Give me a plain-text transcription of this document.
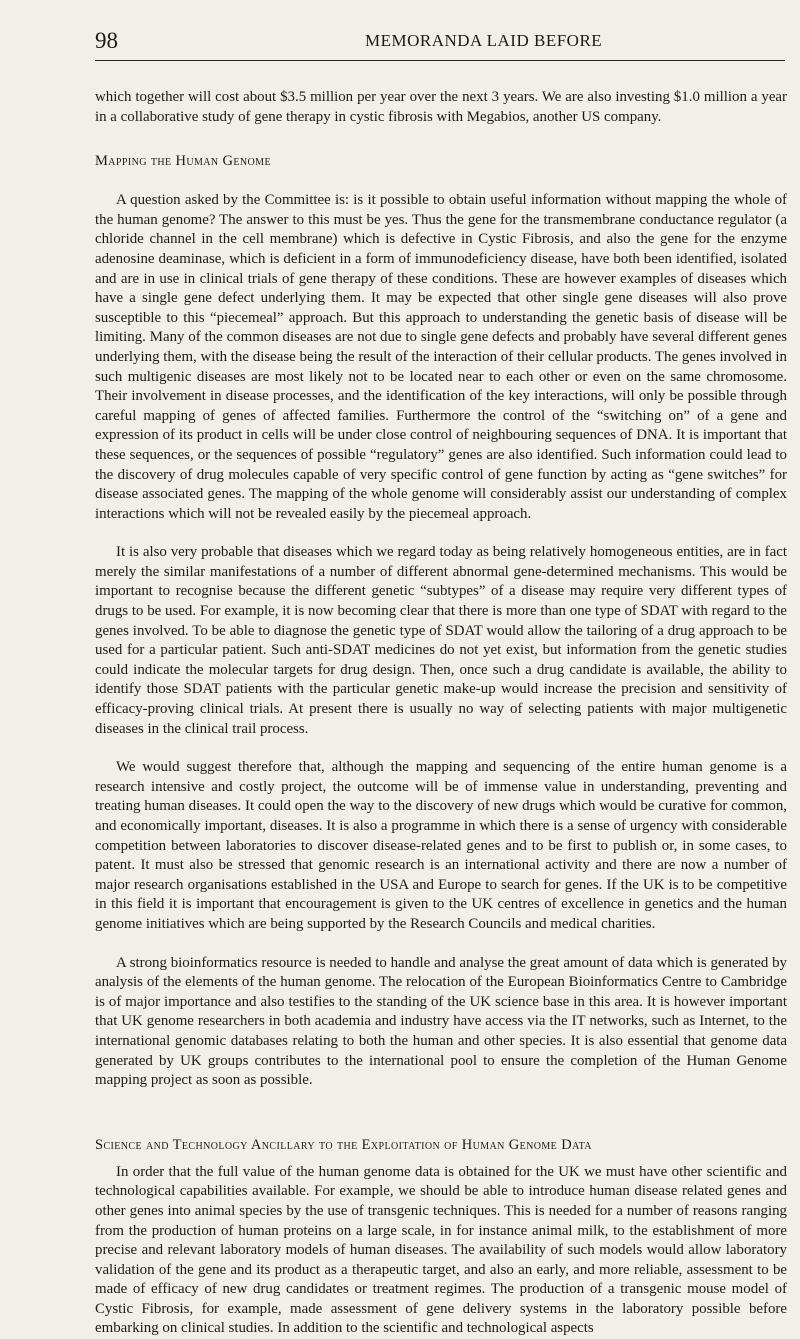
98	MEMORANDA LAID BEFORE

which together will cost about $3.5 million per year over the next 3 years. We are also investing $1.0 million a year in a collaborative study of gene therapy in cystic fibrosis with Megabios, another US company.

Mapping the Human Genome

A question asked by the Committee is: is it possible to obtain useful information without mapping the whole of the human genome? The answer to this must be yes. Thus the gene for the transmembrane conductance regulator (a chloride channel in the cell membrane) which is defective in Cystic Fibrosis, and also the gene for the enzyme adenosine deaminase, which is deficient in a form of immunodeficiency disease, have both been identified, isolated and are in use in clinical trials of gene therapy of these conditions. These are however examples of diseases which have a single gene defect underlying them. It may be expected that other single gene diseases will also prove susceptible to this “piecemeal” approach. But this approach to understanding the genetic basis of disease will be limiting. Many of the common diseases are not due to single gene defects and probably have several different genes underlying them, with the disease being the result of the interaction of their cellular products. The genes involved in such multigenic diseases are most likely not to be located near to each other or even on the same chromosome. Their involvement in disease processes, and the identification of the key interactions, will only be possible through careful mapping of genes of affected families. Furthermore the control of the “switching on” of a gene and expression of its product in cells will be under close control of neighbouring sequences of DNA. It is important that these sequences, or the sequences of possible “regulatory” genes are also identified. Such information could lead to the discovery of drug molecules capable of very specific control of gene function by acting as “gene switches” for disease associated genes. The mapping of the whole genome will considerably assist our understanding of complex interactions which will not be revealed easily by the piecemeal approach.

It is also very probable that diseases which we regard today as being relatively homogeneous entities, are in fact merely the similar manifestations of a number of different abnormal gene-determined mechanisms. This would be important to recognise because the different genetic “subtypes” of a disease may require very different types of drugs to be used. For example, it is now becoming clear that there is more than one type of SDAT with regard to the genes involved. To be able to diagnose the genetic type of SDAT would allow the tailoring of a drug approach to be used for a particular patient. Such anti-SDAT medicines do not yet exist, but information from the genetic studies could indicate the molecular targets for drug design. Then, once such a drug candidate is available, the ability to identify those SDAT patients with the particular genetic make-up would increase the precision and sensitivity of efficacy-proving clinical trials. At present there is usually no way of selecting patients with major multigenetic diseases in the clinical trail process.

We would suggest therefore that, although the mapping and sequencing of the entire human genome is a research intensive and costly project, the outcome will be of immense value in understanding, preventing and treating human diseases. It could open the way to the discovery of new drugs which would be curative for common, and economically important, diseases. It is also a programme in which there is a sense of urgency with considerable competition between laboratories to discover disease-related genes and to be first to publish or, in some cases, to patent. It must also be stressed that genomic research is an international activity and there are now a number of major research organisations established in the USA and Europe to search for genes. If the UK is to be competitive in this field it is important that encouragement is given to the UK centres of excellence in genetics and the human genome initiatives which are being supported by the Research Councils and medical charities.

A strong bioinformatics resource is needed to handle and analyse the great amount of data which is generated by analysis of the elements of the human genome. The relocation of the European Bioinformatics Centre to Cambridge is of major importance and also testifies to the standing of the UK science base in this area. It is however important that UK genome researchers in both academia and industry have access via the IT networks, such as Internet, to the international genomic databases relating to both the human and other species. It is also essential that genome data generated by UK groups contributes to the international pool to ensure the completion of the Human Genome mapping project as soon as possible.

Science and Technology Ancillary to the Exploitation of Human Genome Data

In order that the full value of the human genome data is obtained for the UK we must have other scientific and technological capabilities available. For example, we should be able to introduce human disease related genes and other genes into animal species by the use of transgenic techniques. This is needed for a number of reasons ranging from the production of human proteins on a large scale, in for instance animal milk, to the establishment of more precise and relevant laboratory models of human diseases. The availability of such models would allow laboratory validation of the gene and its product as a therapeutic target, and also an early, and more reliable, assessment to be made of efficacy of new drug candidates or treatment regimes. The production of a transgenic mouse model of Cystic Fibrosis, for example, made assessment of gene delivery systems in the laboratory possible before embarking on clinical studies. In addition to the scientific and technological aspects
